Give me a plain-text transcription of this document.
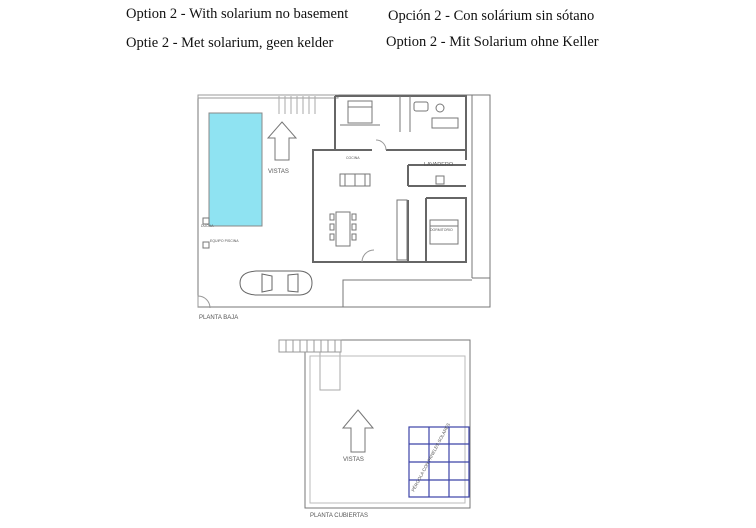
Option 2 - With solarium no basement	Opción 2 - Con solárium sin sótano
Optie 2 - Met solarium, geen kelder	Option 2 - Mit Solarium ohne Keller
VISTAS
LAVADERO
COCINA
DORMITORIO
EQUIPO PISCINA
DUCHA
PLANTA BAJA
VISTAS	PÉRGOLA CON PANELES SOLARES
PLANTA CUBIERTAS
